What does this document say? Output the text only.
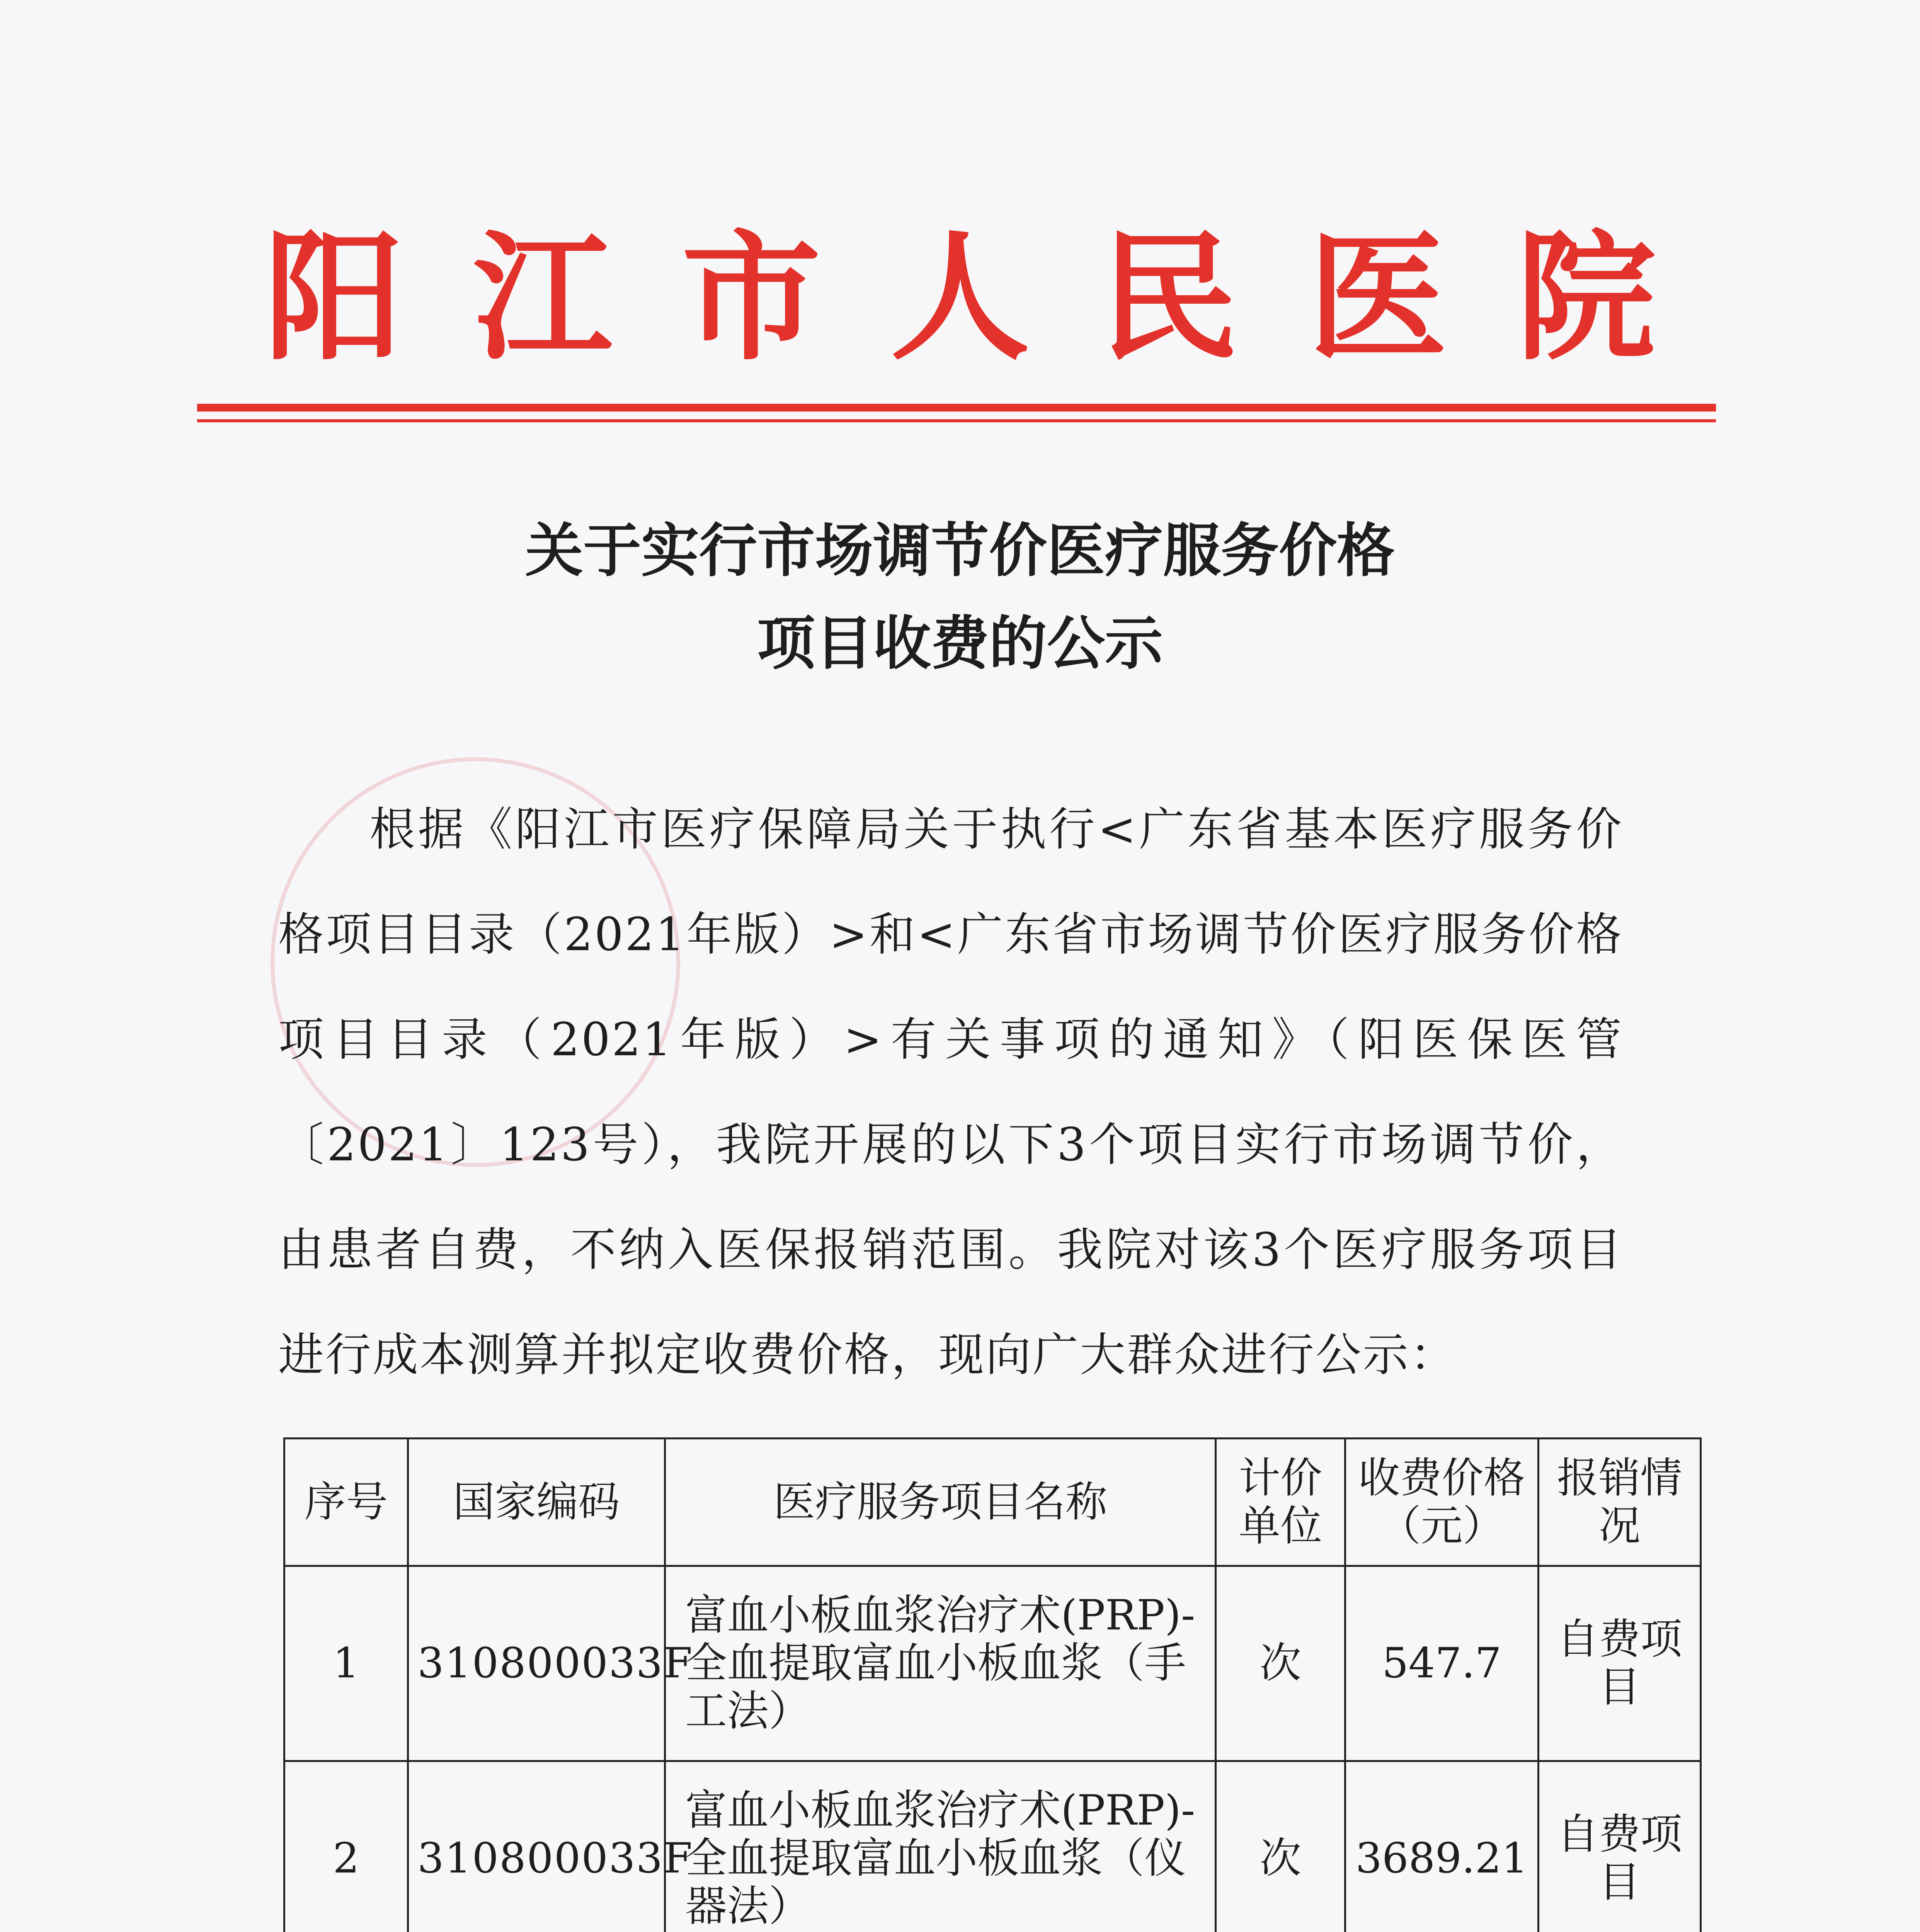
阳江市人民医院
关于实行市场调节价医疗服务价格
项目收费的公示
根据《阳江市医疗保障局关于执行<广东省基本医疗服务价格项目目录（2021年版）>和<广东省市场调节价医疗服务价格项目目录（2021年版）>有关事项的通知》（阳医保医管〔2021〕123号），我院开展的以下3个项目实行市场调节价，由患者自费，不纳入医保报销范围。我院对该3个医疗服务项目进行成本测算并拟定收费价格，现向广大群众进行公示：
序号	国家编码	医疗服务项目名称	计价单位	收费价格（元）	报销情况
1	310800033F	富血小板血浆治疗术(PRP)-全血提取富血小板血浆（手工法）	次	547.7	自费项目
2	310800033F	富血小板血浆治疗术(PRP)-全血提取富血小板血浆（仪器法）	次	3689.21	自费项目
